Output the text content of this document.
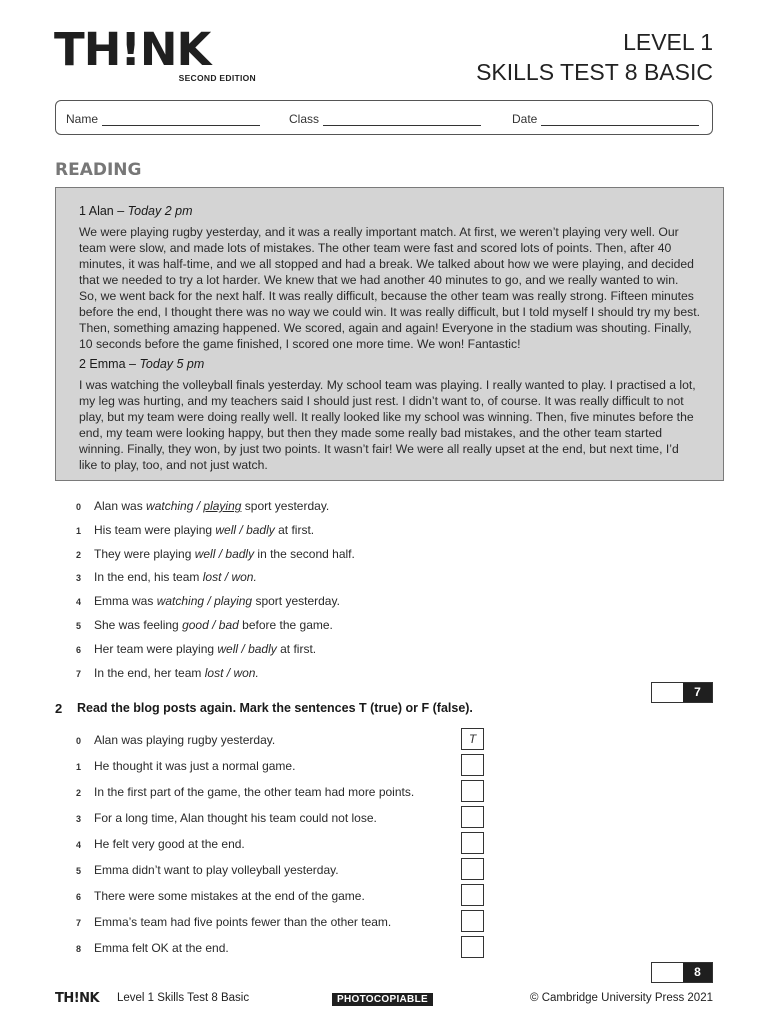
TH!NK
SECOND EDITION
LEVEL 1
SKILLS TEST 8 BASIC
Name	Class	Date
READING
1 Alan – Today 2 pm
We were playing rugby yesterday, and it was a really important match. At first, we weren’t playing very well. Our team were slow, and made lots of mistakes. The other team were fast and scored lots of points. Then, after 40 minutes, it was half-time, and we all stopped and had a break. We talked about how we were playing, and decided that we needed to try a lot harder. We knew that we had another 40 minutes to go, and we really wanted to win. So, we went back for the next half. It was really difficult, because the other team was really strong. Fifteen minutes before the end, I thought there was no way we could win. It was really difficult, but I told myself I should try my best. Then, something amazing happened. We scored, again and again! Everyone in the stadium was shouting. Finally, 10 seconds before the game finished, I scored one more time. We won! Fantastic!
2 Emma – Today 5 pm
I was watching the volleyball finals yesterday. My school team was playing. I really wanted to play. I practised a lot, my leg was hurting, and my teachers said I should just rest. I didn’t want to, of course. It was really difficult to not play, but my team were doing really well. It really looked like my school was winning. Then, five minutes before the end, my team were looking happy, but then they made some really bad mistakes, and the other team started winning. Finally, they won, by just two points. It wasn’t fair! We were all really upset at the end, but next time, I’d like to play, too, and not just watch.
0	Alan was watching / playing sport yesterday.
1	His team were playing well / badly at first.
2	They were playing well / badly in the second half.
3	In the end, his team lost / won.
4	Emma was watching / playing sport yesterday.
5	She was feeling good / bad before the game.
6	Her team were playing well / badly at first.
7	In the end, her team lost / won.
7
2 Read the blog posts again. Mark the sentences T (true) or F (false).
0	Alan was playing rugby yesterday.	T
1	He thought it was just a normal game.
2	In the first part of the game, the other team had more points.
3	For a long time, Alan thought his team could not lose.
4	He felt very good at the end.
5	Emma didn’t want to play volleyball yesterday.
6	There were some mistakes at the end of the game.
7	Emma’s team had five points fewer than the other team.
8	Emma felt OK at the end.
8
TH!NK Level 1 Skills Test 8 Basic	PHOTOCOPIABLE	© Cambridge University Press 2021
